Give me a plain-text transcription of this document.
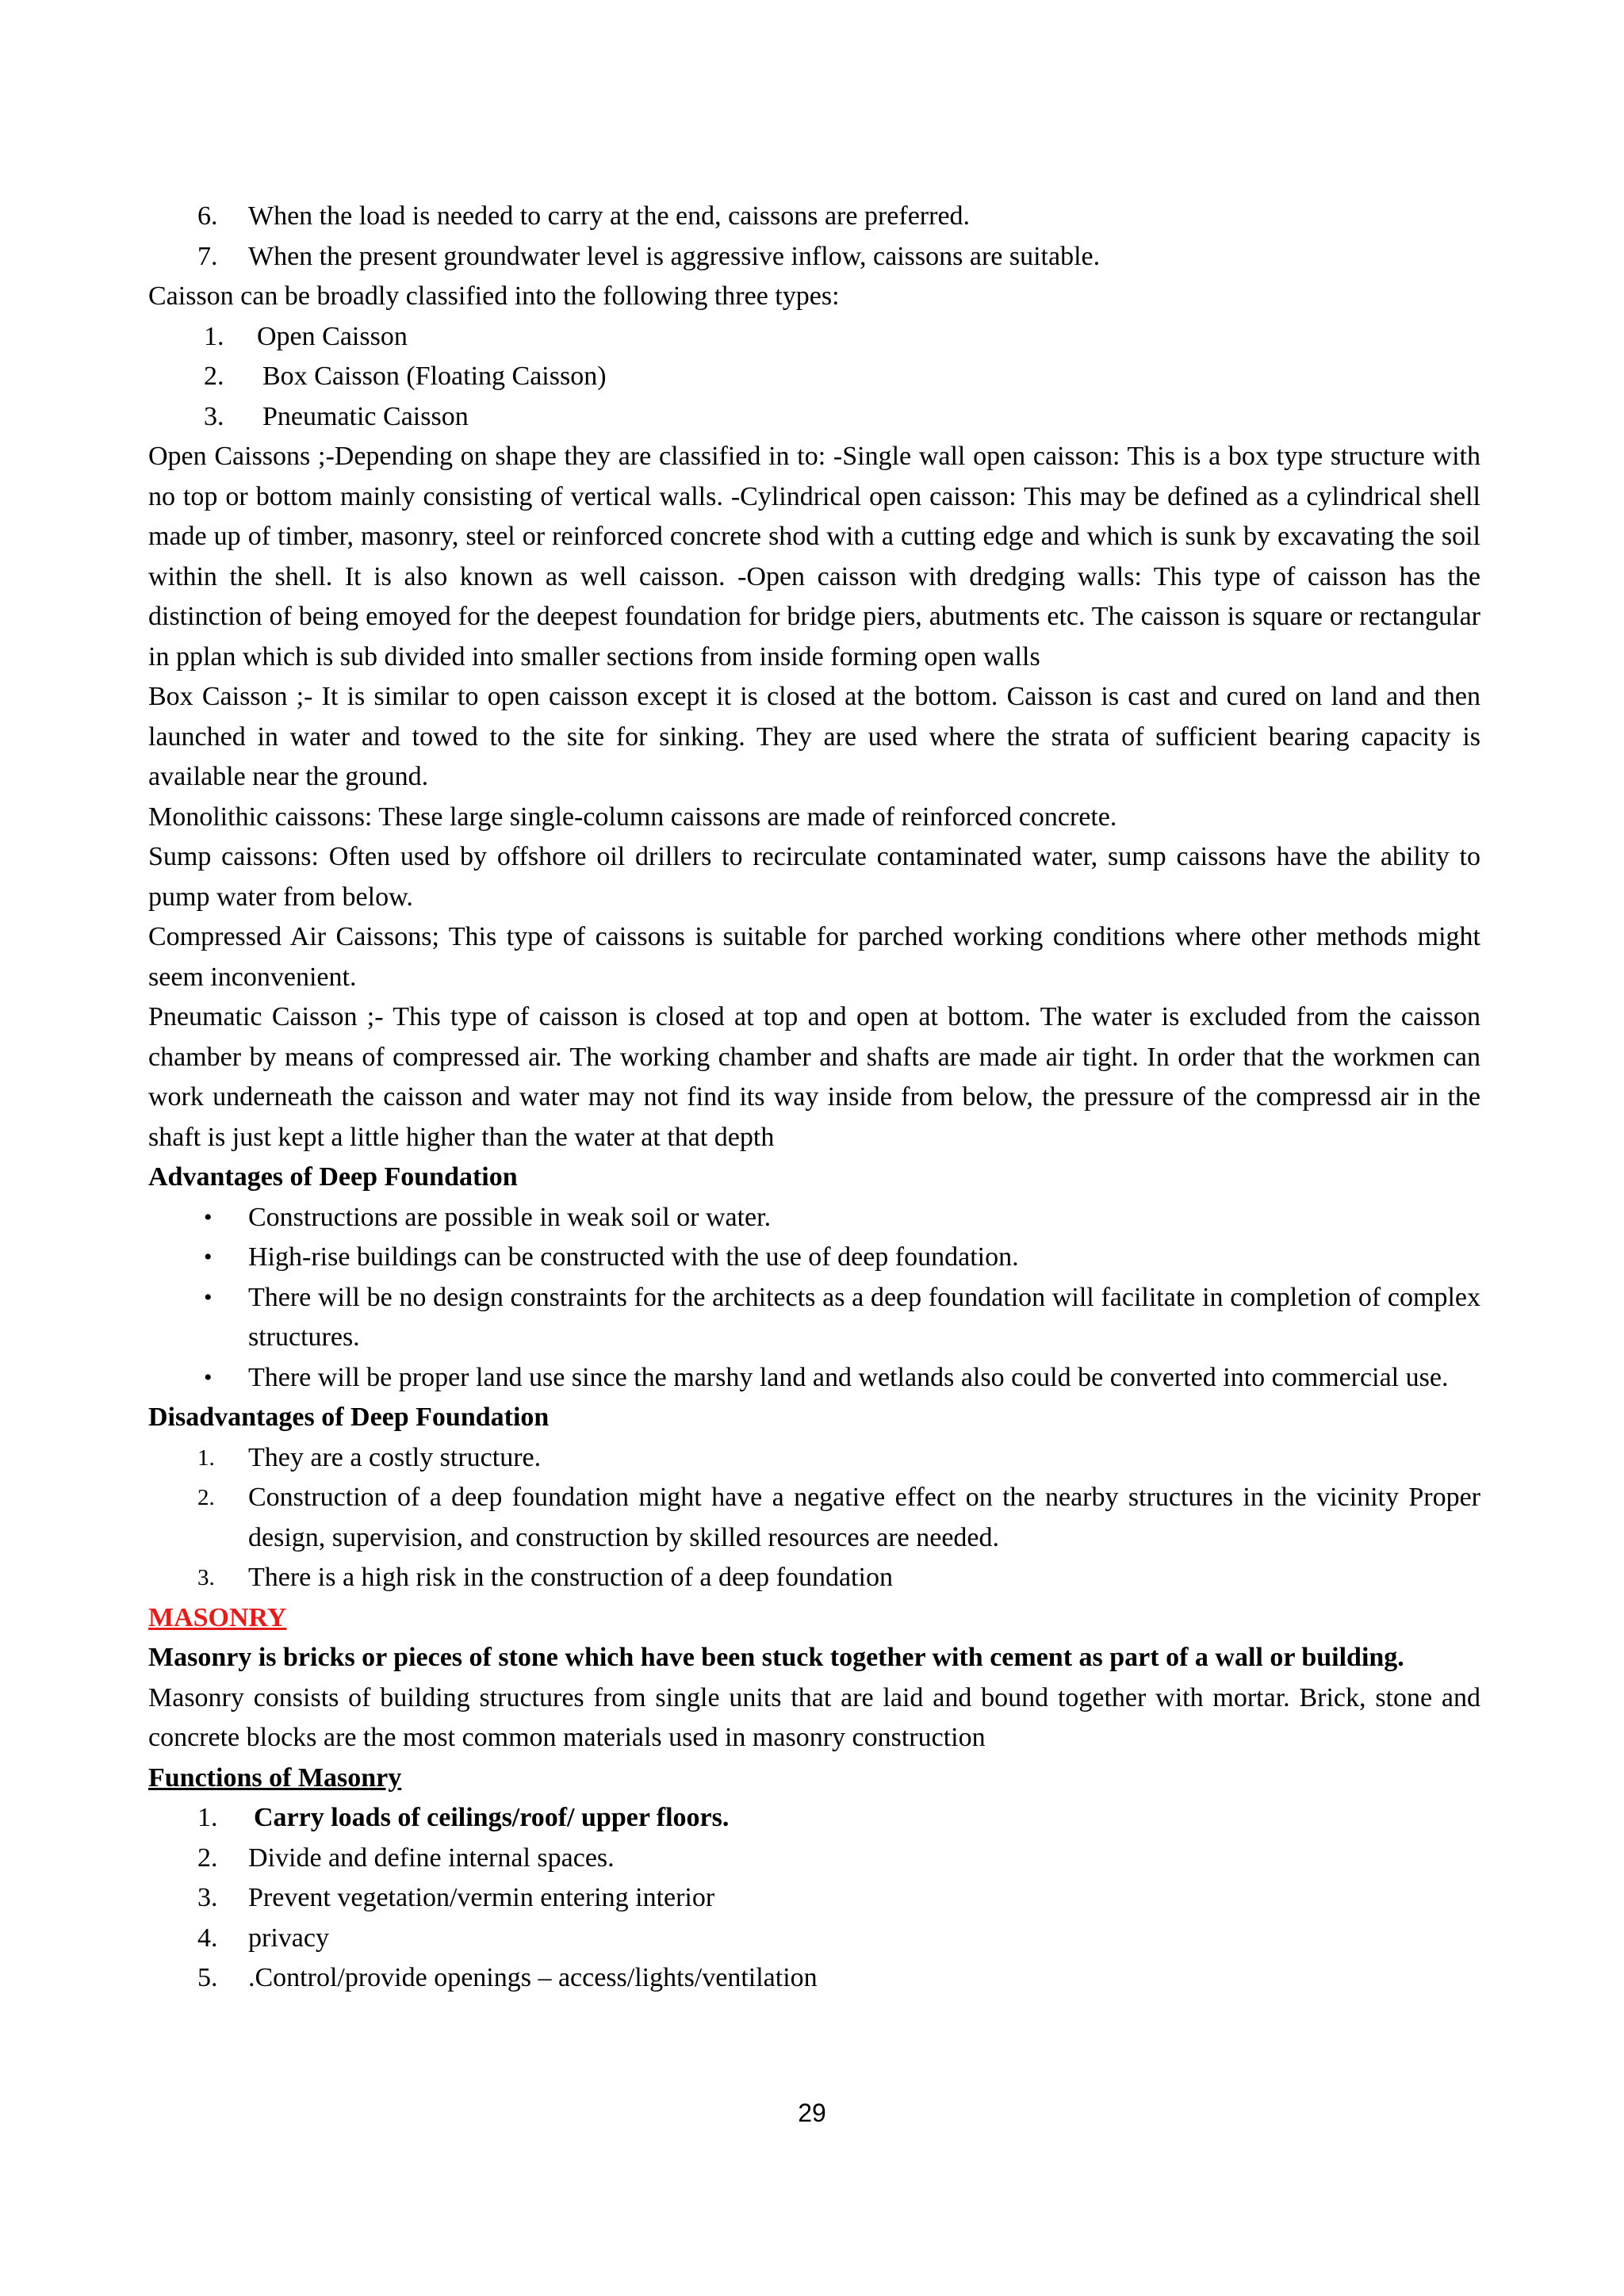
6. When the load is needed to carry at the end, caissons are preferred.
7. When the present groundwater level is aggressive inflow, caissons are suitable.
Caisson can be broadly classified into the following three types:
1. Open Caisson
2. Box Caisson (Floating Caisson)
3. Pneumatic Caisson
Open Caissons ;-Depending on shape they are classified in to: -Single wall open caisson: This is a box type structure with no top or bottom mainly consisting of vertical walls. -Cylindrical open caisson: This may be defined as a cylindrical shell made up of timber, masonry, steel or reinforced concrete shod with a cutting edge and which is sunk by excavating the soil within the shell. It is also known as well caisson. -Open caisson with dredging walls: This type of caisson has the distinction of being emoyed for the deepest foundation for bridge piers, abutments etc. The caisson is square or rectangular in pplan which is sub divided into smaller sections from inside forming open walls
Box Caisson ;- It is similar to open caisson except it is closed at the bottom. Caisson is cast and cured on land and then launched in water and towed to the site for sinking. They are used where the strata of sufficient bearing capacity is available near the ground.
Monolithic caissons: These large single-column caissons are made of reinforced concrete.
Sump caissons: Often used by offshore oil drillers to recirculate contaminated water, sump caissons have the ability to pump water from below.
Compressed Air Caissons; This type of caissons is suitable for parched working conditions where other methods might seem inconvenient.
Pneumatic Caisson ;- This type of caisson is closed at top and open at bottom. The water is excluded from the caisson chamber by means of compressed air. The working chamber and shafts are made air tight. In order that the workmen can work underneath the caisson and water may not find its way inside from below, the pressure of the compressd air in the shaft is just kept a little higher than the water at that depth
Advantages of Deep Foundation
• Constructions are possible in weak soil or water.
• High-rise buildings can be constructed with the use of deep foundation.
• There will be no design constraints for the architects as a deep foundation will facilitate in completion of complex structures.
• There will be proper land use since the marshy land and wetlands also could be converted into commercial use.
Disadvantages of Deep Foundation
1. They are a costly structure.
2. Construction of a deep foundation might have a negative effect on the nearby structures in the vicinity Proper design, supervision, and construction by skilled resources are needed.
3. There is a high risk in the construction of a deep foundation
MASONRY
Masonry is bricks or pieces of stone which have been stuck together with cement as part of a wall or building.
Masonry consists of building structures from single units that are laid and bound together with mortar. Brick, stone and concrete blocks are the most common materials used in masonry construction
Functions of Masonry
1. Carry loads of ceilings/roof/ upper floors.
2. Divide and define internal spaces.
3. Prevent vegetation/vermin entering interior
4. privacy
5. .Control/provide openings – access/lights/ventilation
29
